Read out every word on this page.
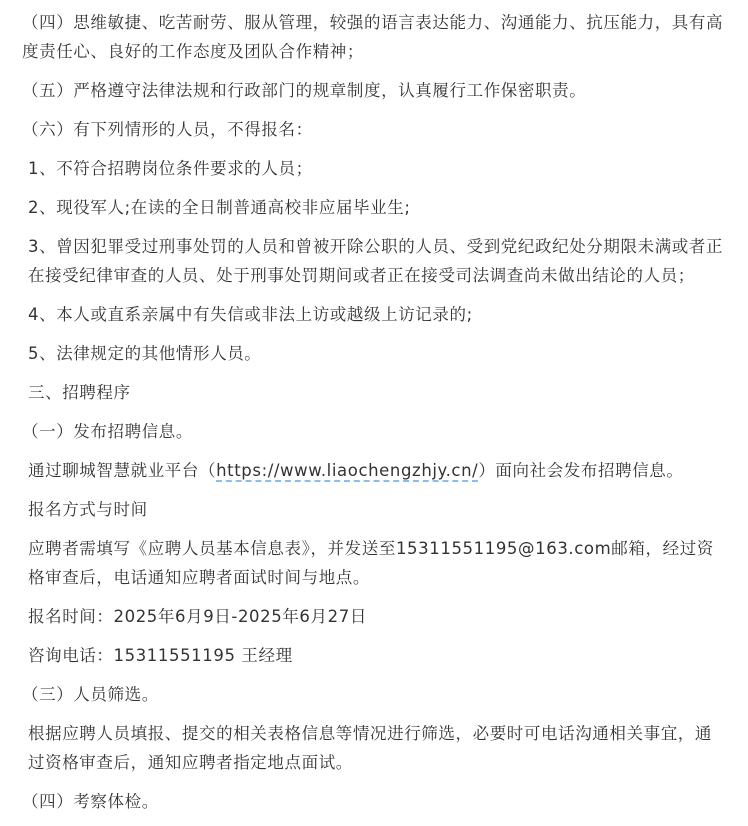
（四）思维敏捷、吃苦耐劳、服从管理，较强的语言表达能力、沟通能力、抗压能力，具有高度责任心、良好的工作态度及团队合作精神；

（五）严格遵守法律法规和行政部门的规章制度，认真履行工作保密职责。

（六）有下列情形的人员，不得报名：

1、不符合招聘岗位条件要求的人员；

2、现役军人;在读的全日制普通高校非应届毕业生;

3、曾因犯罪受过刑事处罚的人员和曾被开除公职的人员、受到党纪政纪处分期限未满或者正在接受纪律审查的人员、处于刑事处罚期间或者正在接受司法调查尚未做出结论的人员；

4、本人或直系亲属中有失信或非法上访或越级上访记录的;

5、法律规定的其他情形人员。

三、招聘程序

（一）发布招聘信息。

通过聊城智慧就业平台（https://www.liaochengzhjy.cn/）面向社会发布招聘信息。

报名方式与时间

应聘者需填写《应聘人员基本信息表》，并发送至15311551195@163.com邮箱，经过资格审查后，电话通知应聘者面试时间与地点。

报名时间：2025年6月9日-2025年6月27日

咨询电话：15311551195 王经理

（三）人员筛选。

根据应聘人员填报、提交的相关表格信息等情况进行筛选，必要时可电话沟通相关事宜，通过资格审查后，通知应聘者指定地点面试。

（四）考察体检。
